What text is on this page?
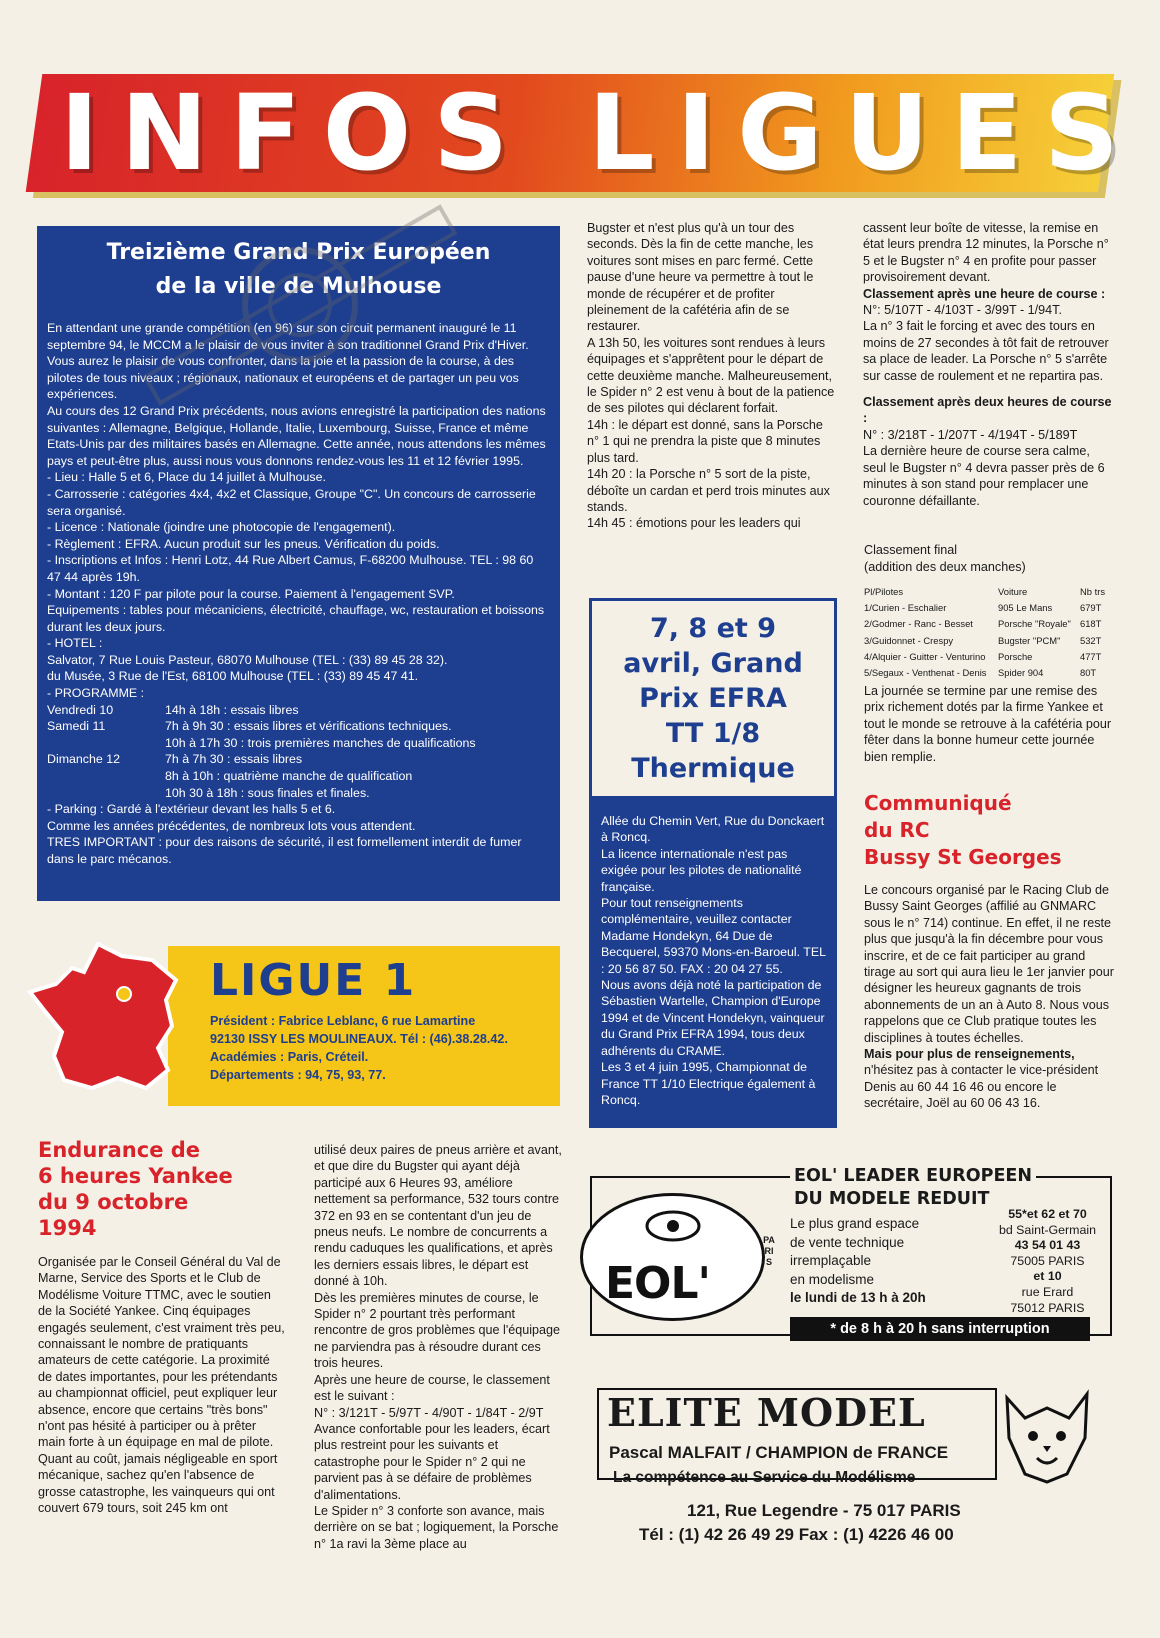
INFOS LIGUES
Treizième Grand Prix Européen
de la ville de Mulhouse

En attendant une grande compétition (en 96) sur son circuit permanent inauguré le 11 septembre 94, le MCCM a le plaisir de vous inviter à son traditionnel Grand Prix d'Hiver.

Vous aurez le plaisir de vous confronter, dans la joie et la passion de la course, à des pilotes de tous niveaux ; régionaux, nationaux et européens et de partager un peu vos expériences.

Au cours des 12 Grand Prix précédents, nous avions enregistré la participation des nations suivantes : Allemagne, Belgique, Hollande, Italie, Luxembourg, Suisse, France et même Etats-Unis par des militaires basés en Allemagne. Cette année, nous attendons les mêmes pays et peut-être plus, aussi nous vous donnons rendez-vous les 11 et 12 février 1995.

- Lieu : Halle 5 et 6, Place du 14 juillet à Mulhouse.

- Carrosserie : catégories 4x4, 4x2 et Classique, Groupe "C". Un concours de carrosserie sera organisé.

- Licence : Nationale (joindre une photocopie de l'engagement).

- Règlement : EFRA. Aucun produit sur les pneus. Vérification du poids.

- Inscriptions et Infos : Henri Lotz, 44 Rue Albert Camus, F-68200 Mulhouse. TEL : 98 60 47 44 après 19h.

- Montant : 120 F par pilote pour la course. Paiement à l'engagement SVP.

Equipements : tables pour mécaniciens, électricité, chauffage, wc, restauration et boissons durant les deux jours.

- HOTEL :

Salvator, 7 Rue Louis Pasteur, 68070 Mulhouse (TEL : (33) 89 45 28 32).

du Musée, 3 Rue de l'Est, 68100 Mulhouse (TEL : (33) 89 45 47 41.

- PROGRAMME :

Vendredi 10	14h à 18h : essais libres
Samedi 11	7h à 9h 30 : essais libres et vérifications techniques.
10h à 17h 30 : trois premières manches de qualifications
Dimanche 12	7h à 7h 30 : essais libres
8h à 10h : quatrième manche de qualification
10h 30 à 18h : sous finales et finales.

- Parking : Gardé à l'extérieur devant les halls 5 et 6.

Comme les années précédentes, de nombreux lots vous attendent.

TRES IMPORTANT : pour des raisons de sécurité, il est formellement interdit de fumer dans le parc mécanos.

LIGUE 1
Président : Fabrice Leblanc, 6 rue Lamartine
92130 ISSY LES MOULINEAUX. Tél : (46).38.28.42.
Académies : Paris, Créteil.
Départements : 94, 75, 93, 77.
Endurance de
6 heures Yankee
du 9 octobre
1994

Organisée par le Conseil Général du Val de Marne, Service des Sports et le Club de Modélisme Voiture TTMC, avec le soutien de la Société Yankee. Cinq équipages engagés seulement, c'est vraiment très peu, connaissant le nombre de pratiquants amateurs de cette catégorie. La proximité de dates importantes, pour les prétendants au championnat officiel, peut expliquer leur absence, encore que certains "très bons" n'ont pas hésité à participer ou à prêter main forte à un équipage en mal de pilote. Quant au coût, jamais négligeable en sport mécanique, sachez qu'en l'absence de grosse catastrophe, les vainqueurs qui ont couvert 679 tours, soit 245 km ont

utilisé deux paires de pneus arrière et avant, et que dire du Bugster qui ayant déjà participé aux 6 Heures 93, améliore nettement sa performance, 532 tours contre 372 en 93 en se contentant d'un jeu de pneus neufs. Le nombre de concurrents a rendu caduques les qualifications, et après les derniers essais libres, le départ est donné à 10h.

Dès les premières minutes de course, le Spider n° 2 pourtant très performant rencontre de gros problèmes que l'équipage ne parviendra pas à résoudre durant ces trois heures.

Après une heure de course, le classement est le suivant :

N° : 3/121T - 5/97T - 4/90T - 1/84T - 2/9T

Avance confortable pour les leaders, écart plus restreint pour les suivants et catastrophe pour le Spider n° 2 qui ne parvient pas à se défaire de problèmes d'alimentations.

Le Spider n° 3 conforte son avance, mais derrière on se bat ; logiquement, la Porsche n° 1a ravi la 3ème place au

Bugster et n'est plus qu'à un tour des seconds. Dès la fin de cette manche, les voitures sont mises en parc fermé. Cette pause d'une heure va permettre à tout le monde de récupérer et de profiter pleinement de la cafétéria afin de se restaurer.

A 13h 50, les voitures sont rendues à leurs équipages et s'apprêtent pour le départ de cette deuxième manche. Malheureusement, le Spider n° 2 est venu à bout de la patience de ses pilotes qui déclarent forfait.

14h : le départ est donné, sans la Porsche n° 1 qui ne prendra la piste que 8 minutes plus tard.

14h 20 : la Porsche n° 5 sort de la piste, déboîte un cardan et perd trois minutes aux stands.

14h 45 : émotions pour les leaders qui

cassent leur boîte de vitesse, la remise en état leurs prendra 12 minutes, la Porsche n° 5 et le Bugster n° 4 en profite pour passer provisoirement devant.

Classement après une heure de course :

N°: 5/107T - 4/103T - 3/99T - 1/94T.

La n° 3 fait le forcing et avec des tours en moins de 27 secondes à tôt fait de retrouver sa place de leader. La Porsche n° 5 s'arrête sur casse de roulement et ne repartira pas.

Classement après deux heures de course :

N° : 3/218T - 1/207T - 4/194T - 5/189T

La dernière heure de course sera calme, seul le Bugster n° 4 devra passer près de 6 minutes à son stand pour remplacer une couronne défaillante.

Classement final
(addition des deux manches)
Pl/Pilotes	Voiture	Nb trs
1/Curien - Eschalier	905 Le Mans	679T
2/Godmer - Ranc - Besset	Porsche "Royale"	618T
3/Guidonnet - Crespy	Bugster "PCM"	532T
4/Alquier - Guitter - Venturino	Porsche	477T
5/Segaux - Venthenat - Denis	Spider 904	80T

La journée se termine par une remise des prix richement dotés par la firme Yankee et tout le monde se retrouve à la cafétéria pour fêter dans la bonne humeur cette journée bien remplie.

7, 8 et 9
avril, Grand
Prix EFRA
TT 1/8
Thermique

Allée du Chemin Vert, Rue du Donckaert à Roncq.

La licence internationale n'est pas exigée pour les pilotes de nationalité française.

Pour tout renseignements complémentaire, veuillez contacter Madame Hondekyn, 64 Due de Becquerel, 59370 Mons-en-Baroeul. TEL : 20 56 87 50. FAX : 20 04 27 55.

Nous avons déjà noté la participation de Sébastien Wartelle, Champion d'Europe 1994 et de Vincent Hondekyn, vainqueur du Grand Prix EFRA 1994, tous deux adhérents du CRAME.

Les 3 et 4 juin 1995, Championnat de France TT 1/10 Electrique également à Roncq.

Communiqué
du RC
Bussy St Georges

Le concours organisé par le Racing Club de Bussy Saint Georges (affilié au GNMARC sous le n° 714) continue. En effet, il ne reste plus que jusqu'à la fin décembre pour vous inscrire, et de ce fait participer au grand tirage au sort qui aura lieu le 1er janvier pour désigner les heureux gagnants de trois abonnements de un an à Auto 8. Nous vous rappelons que ce Club pratique toutes les disciplines à toutes échelles.

Mais pour plus de renseignements,

n'hésitez pas à contacter le vice-président Denis au 60 44 16 46 ou encore le secrétaire, Joël au 60 06 43 16.

EOL'
PARIS
EOL' LEADER EUROPEEN
DU MODELE REDUIT
Le plus grand espace
de vente technique
irremplaçable
en modelisme
le lundi de 13 h à 20h
55*et 62 et 70
bd Saint-Germain
43 54 01 43
75005 PARIS
et 10
rue Erard
75012 PARIS
* de 8 h à 20 h sans interruption
ELITE MODEL
Pascal MALFAIT / CHAMPION de FRANCE
La compétence au Service du Modélisme
121, Rue Legendre - 75 017 PARIS
Tél : (1) 42 26 49 29 Fax : (1) 4226 46 00
